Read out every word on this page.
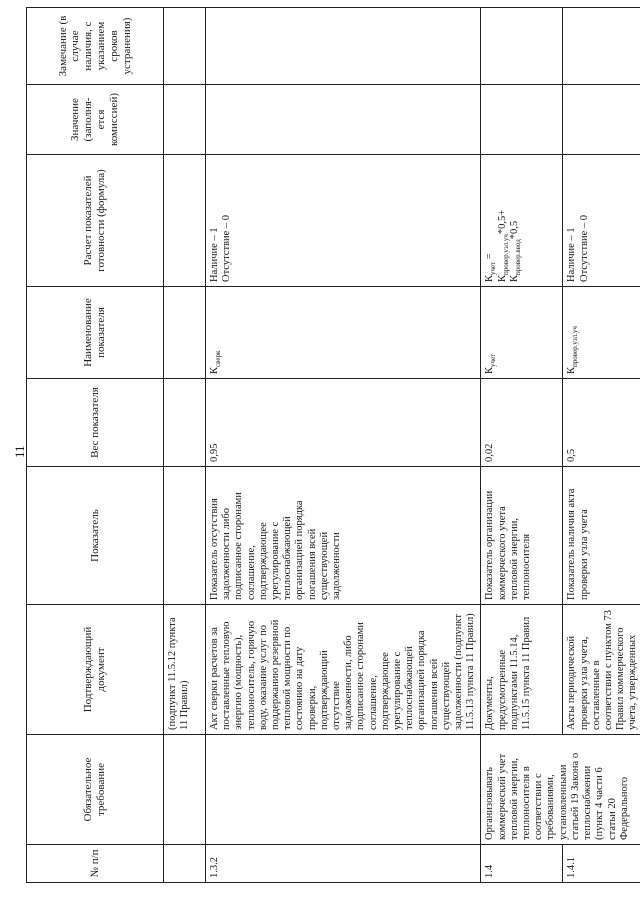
11
№ п/п	Обязательное требование	Подтверждающий документ	Показатель	Вес показателя	Наименование показателя	Расчет показателей готовности (формула)	Значение (заполня-ется комиссией)	Замечание (в случае наличия, с указанием сроков устранения)
		(подпункт 11.5.12 пункта 11 Правил)						
1.3.2		Акт сверки расчетов за поставленные тепловую энергию (мощность), теплоноситель, горячую воду, оказание услуг по поддержанию резервной тепловой мощности по состоянию на дату проверки, подтверждающий отсутствие задолженности, либо подписанное сторонами соглашение, подтверждающее урегулирование с теплоснабжающей организацией порядка погашения всей существующей задолженности (подпункт 11.5.13 пункта 11 Правил)	Показатель отсутствия задолженности либо подписанное сторонами соглашение, подтверждающее урегулирование с теплоснабжающей организацией порядка погашения всей существующей задолженности	0,95	$К_{сверк}$	Наличие – 1
Отсутствие – 0		
1.4	Организовывать коммерческий учет тепловой энергии, теплоносителя в соответствии с требованиями, установленными статьей 19 Закона о теплоснабжении (пункт 4 части 6 статьи 20 Федерального	Документы, предусмотренные подпунктами 11.5.14, 11.5.15 пункта 11 Правил	Показатель организации коммерческого учета тепловой энергии, теплоносителя	0,02	$К_{учет}$	$К_{учет}$ =
$К_{провер.узл.уч}*0,5+$
$К_{провер.ввод}*0,5$		

1.4.1		Акты периодической проверки узла учета, составленные в соответствии с пунктом 73 Правил коммерческого учета, утвержденных	Показатель наличия акта проверки узла учета	0,5	$К_{провер.узл.уч}$	Наличие – 1
Отсутствие – 0		
